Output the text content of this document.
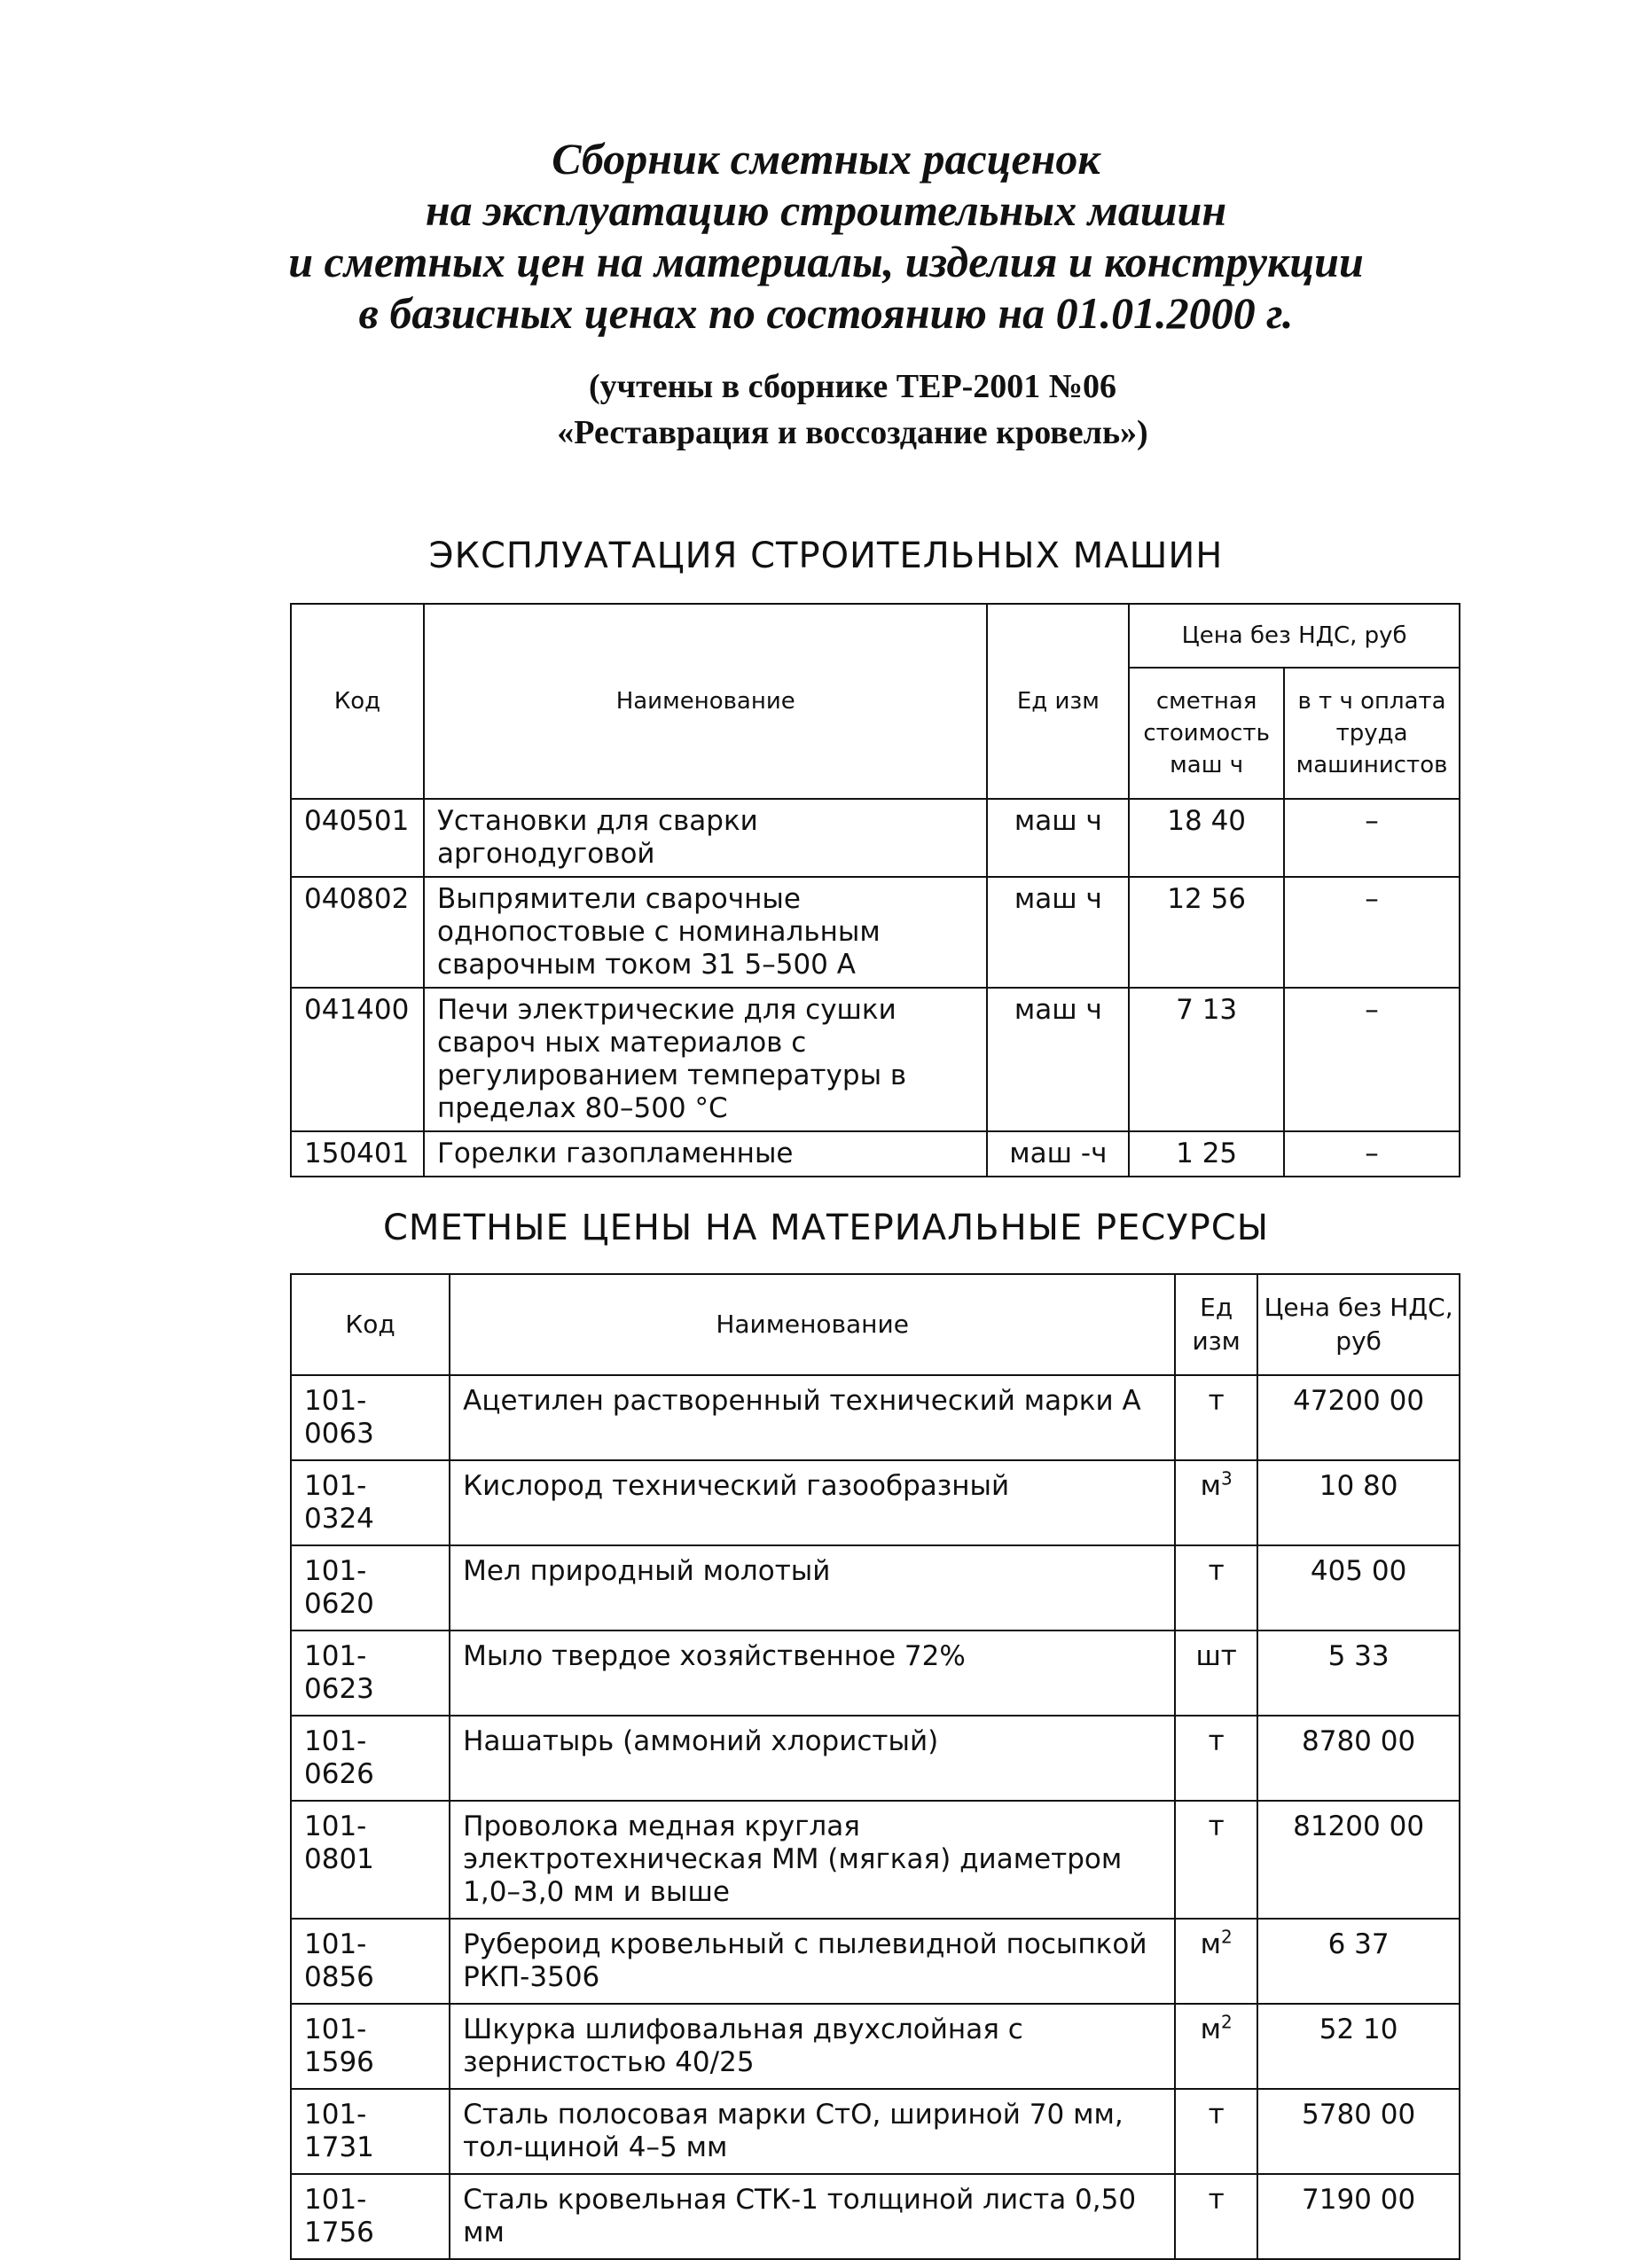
Сборник сметных расценок
на эксплуатацию строительных машин
и сметных цен на материалы, изделия и конструкции
в базисных ценах по состоянию на 01.01.2000 г.
(учтены в сборнике ТЕР-2001 №06
«Реставрация и воссоздание кровель»)
ЭКСПЛУАТАЦИЯ СТРОИТЕЛЬНЫХ МАШИН
Код	Наименование	Ед изм	Цена без НДС, руб	
			сметная стоимость маш ч	в т ч оплата труда машинистов
040501	Установки для сварки аргонодуговой	маш ч	18 40	–
040802	Выпрямители сварочные однопостовые с номинальным сварочным током 31 5–500 А	маш ч	12 56	–
041400	Печи электрические для сушки свароч ных материалов с регулированием температуры в пределах 80–500 °С	маш ч	7 13	–
150401	Горелки газопламенные	маш -ч	1 25	–
СМЕТНЫЕ ЦЕНЫ НА МАТЕРИАЛЬНЫЕ РЕСУРСЫ
Код	Наименование	Ед изм	Цена без НДС, руб
101-0063	Ацетилен растворенный технический марки А	т	47200 00
101-0324	Кислород технический газообразный	$м^3$	10 80
101-0620	Мел природный молотый	т	405 00
101-0623	Мыло твердое хозяйственное 72%	шт	5 33
101-0626	Нашатырь (аммоний хлористый)	т	8780 00
101-0801	Проволока медная круглая электротехническая ММ (мягкая) диаметром 1,0–3,0 мм и выше	т	81200 00
101-0856	Рубероид кровельный с пылевидной посыпкой РКП-3506	$м^2$	6 37
101-1596	Шкурка шлифовальная двухслойная с зернистостью 40/25	$м^2$	52 10
101-1731	Сталь полосовая марки СтО, шириной 70 мм, тол-щиной 4–5 мм	т	5780 00
101-1756	Сталь кровельная СТК-1 толщиной листа 0,50 мм	т	7190 00
